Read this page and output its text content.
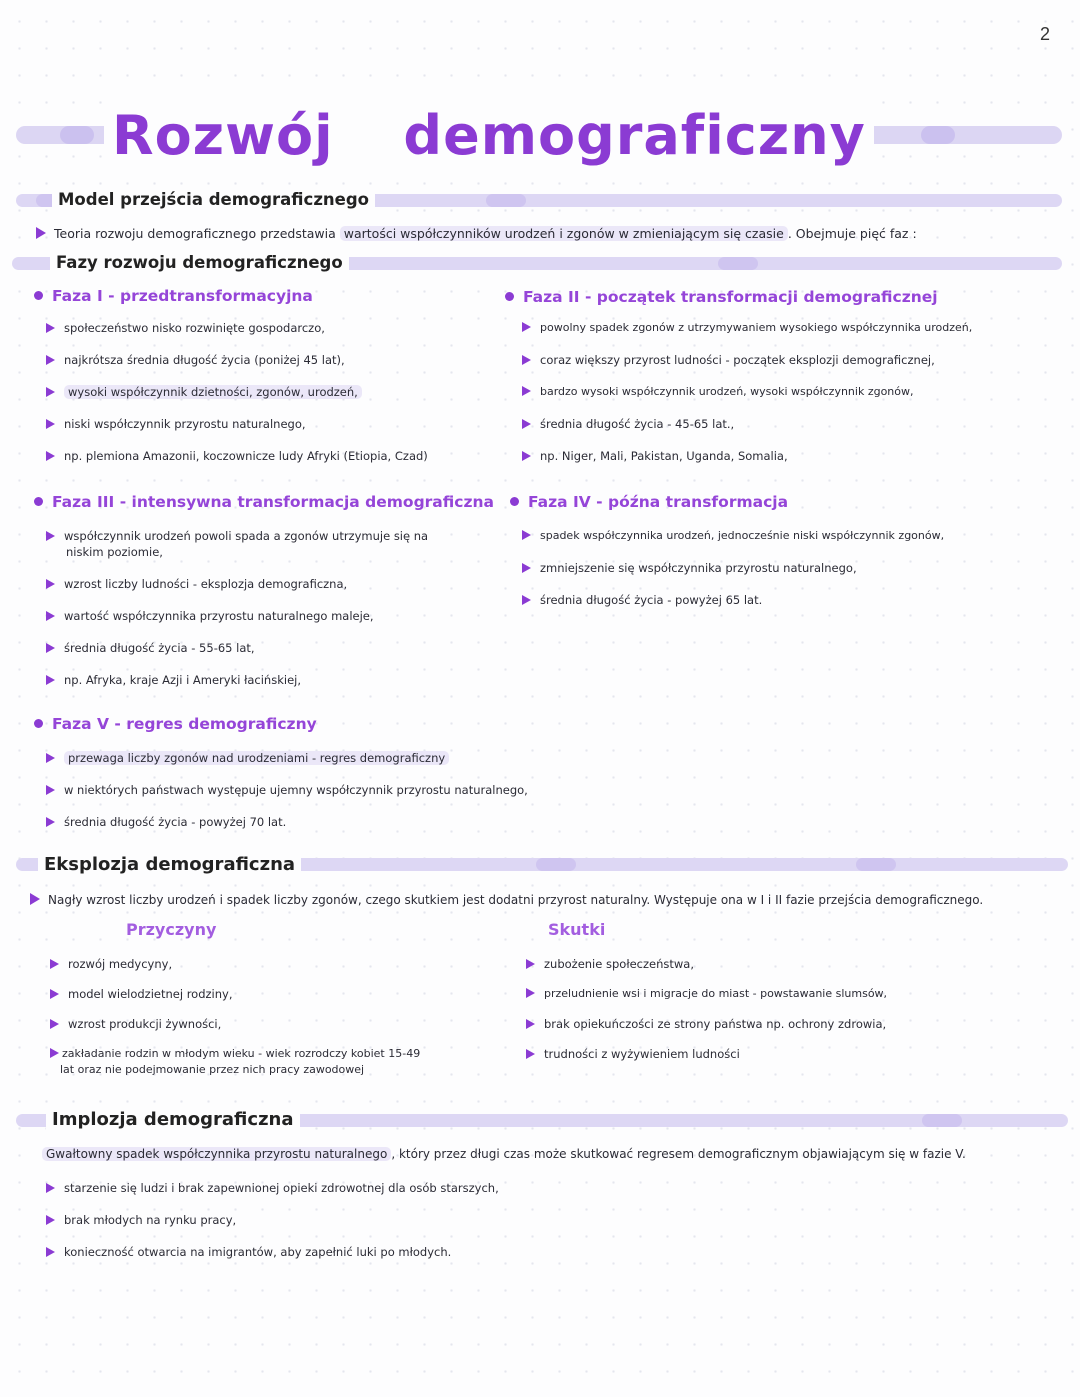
2
Rozwój demograficzny
Model przejścia demograficznego
Teoria rozwoju demograficznego przedstawia wartości współczynników urodzeń i zgonów w zmieniającym się czasie . Obejmuje pięć faz :
Fazy rozwoju demograficznego
Faza I - przedtransformacyjna
społeczeństwo nisko rozwinięte gospodarczo,
najkrótsza średnia długość życia (poniżej 45 lat),
wysoki współczynnik dzietności, zgonów, urodzeń,
niski współczynnik przyrostu naturalnego,
np. plemiona Amazonii, koczownicze ludy Afryki (Etiopia, Czad)
Faza II - początek transformacji demograficznej
powolny spadek zgonów z utrzymywaniem wysokiego współczynnika urodzeń,
coraz większy przyrost ludności - początek eksplozji demograficznej,
bardzo wysoki współczynnik urodzeń, wysoki współczynnik zgonów,
średnia długość życia - 45-65 lat.,
np. Niger, Mali, Pakistan, Uganda, Somalia,
Faza III - intensywna transformacja demograficzna
współczynnik urodzeń powoli spada a zgonów utrzymuje się na niskim poziomie,
wzrost liczby ludności - eksplozja demograficzna,
wartość współczynnika przyrostu naturalnego maleje,
średnia długość życia - 55-65 lat,
np. Afryka, kraje Azji i Ameryki łacińskiej,
Faza IV - późna transformacja
spadek współczynnika urodzeń, jednocześnie niski współczynnik zgonów,
zmniejszenie się współczynnika przyrostu naturalnego,
średnia długość życia - powyżej 65 lat.
Faza V - regres demograficzny
przewaga liczby zgonów nad urodzeniami - regres demograficzny
w niektórych państwach występuje ujemny współczynnik przyrostu naturalnego,
średnia długość życia - powyżej 70 lat.
Eksplozja demograficzna
Nagły wzrost liczby urodzeń i spadek liczby zgonów, czego skutkiem jest dodatni przyrost naturalny. Występuje ona w I i II fazie przejścia demograficznego.
Przyczyny
rozwój medycyny,
model wielodzietnej rodziny,
wzrost produkcji żywności,
zakładanie rodzin w młodym wieku - wiek rozrodczy kobiet 15-49 lat oraz nie podejmowanie przez nich pracy zawodowej
Skutki
zubożenie społeczeństwa,
przeludnienie wsi i migracje do miast - powstawanie slumsów,
brak opiekuńczości ze strony państwa np. ochrony zdrowia,
trudności z wyżywieniem ludności
Implozja demograficzna
Gwałtowny spadek współczynnika przyrostu naturalnego , który przez długi czas może skutkować regresem demograficznym objawiającym się w fazie V.
starzenie się ludzi i brak zapewnionej opieki zdrowotnej dla osób starszych,
brak młodych na rynku pracy,
konieczność otwarcia na imigrantów, aby zapełnić luki po młodych.
